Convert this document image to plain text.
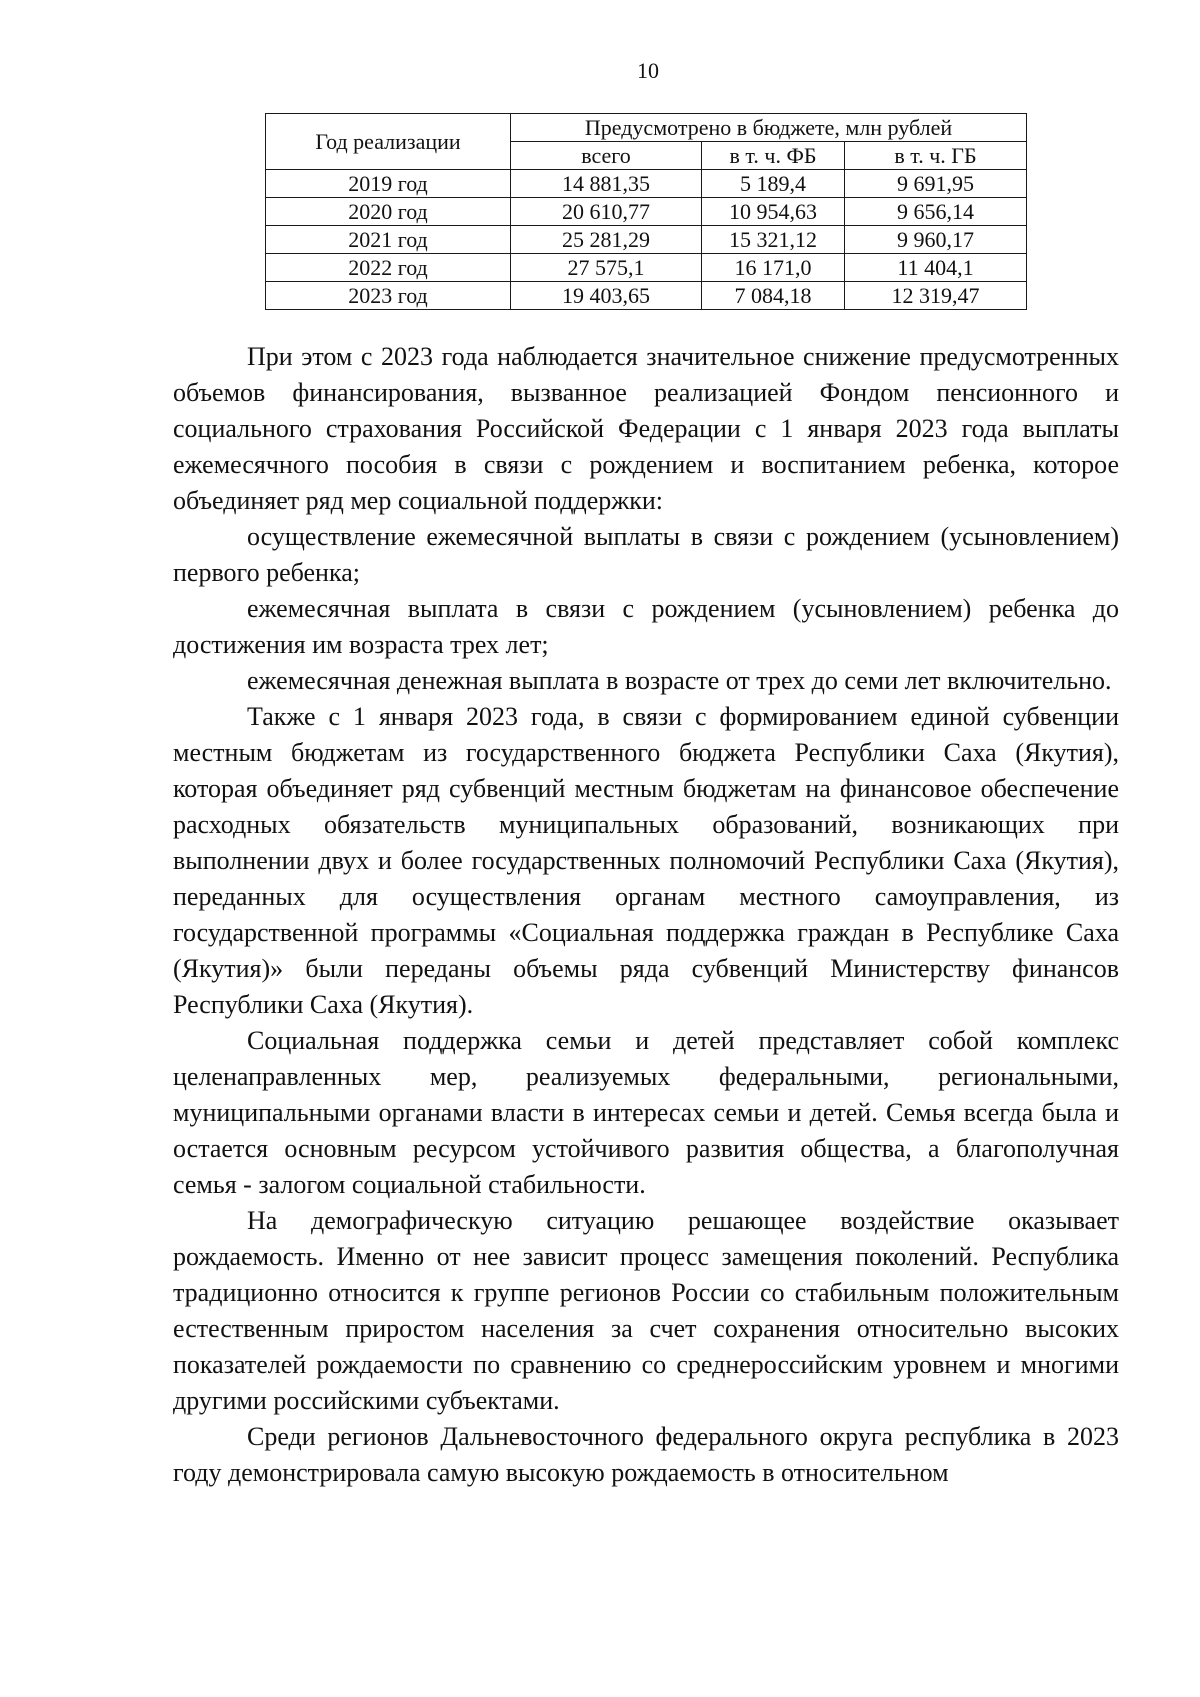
10
Год реализации	Предусмотрено в бюджете, млн рублей		
	всего	в т. ч. ФБ	в т. ч. ГБ
2019 год	14 881,35	5 189,4	9 691,95
2020 год	20 610,77	10 954,63	9 656,14
2021 год	25 281,29	15 321,12	9 960,17
2022 год	27 575,1	16 171,0	11 404,1
2023 год	19 403,65	7 084,18	12 319,47

При этом с 2023 года наблюдается значительное снижение предусмотренных объемов финансирования, вызванное реализацией Фондом пенсионного и социального страхования Российской Федерации с 1 января 2023 года выплаты ежемесячного пособия в связи с рождением и воспитанием ребенка, которое объединяет ряд мер социальной поддержки:

осуществление ежемесячной выплаты в связи с рождением (усыновлением) первого ребенка;

ежемесячная выплата в связи с рождением (усыновлением) ребенка до достижения им возраста трех лет;

ежемесячная денежная выплата в возрасте от трех до семи лет включительно.

Также с 1 января 2023 года, в связи с формированием единой субвенции местным бюджетам из государственного бюджета Республики Саха (Якутия), которая объединяет ряд субвенций местным бюджетам на финансовое обеспечение расходных обязательств муниципальных образований, возникающих при выполнении двух и более государственных полномочий Республики Саха (Якутия), переданных для осуществления органам местного самоуправления, из государственной программы «Социальная поддержка граждан в Республике Саха (Якутия)» были переданы объемы ряда субвенций Министерству финансов Республики Саха (Якутия).

Социальная поддержка семьи и детей представляет собой комплекс целенаправленных мер, реализуемых федеральными, региональными, муниципальными органами власти в интересах семьи и детей. Семья всегда была и остается основным ресурсом устойчивого развития общества, а благополучная семья - залогом социальной стабильности.

На демографическую ситуацию решающее воздействие оказывает рождаемость. Именно от нее зависит процесс замещения поколений. Республика традиционно относится к группе регионов России со стабильным положительным естественным приростом населения за счет сохранения относительно высоких показателей рождаемости по сравнению со среднероссийским уровнем и многими другими российскими субъектами.

Среди регионов Дальневосточного федерального округа республика в 2023 году демонстрировала самую высокую рождаемость в относительном
